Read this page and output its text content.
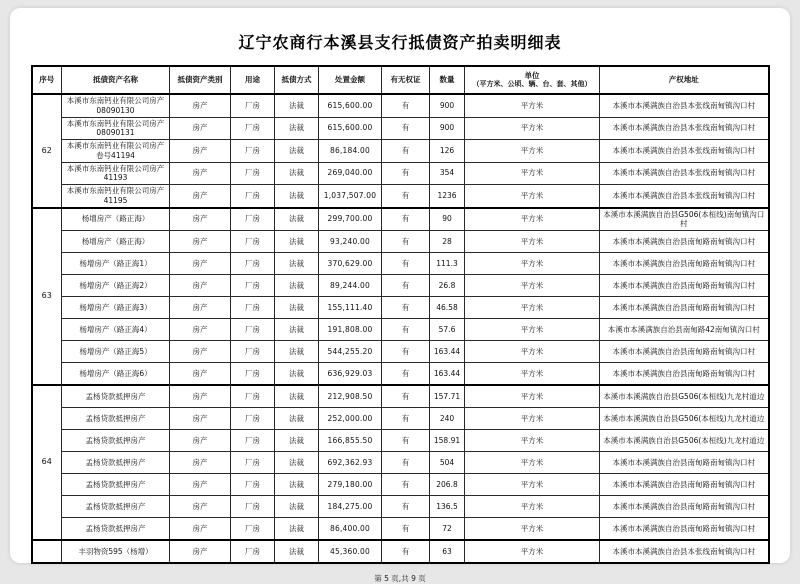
辽宁农商行本溪县支行抵债资产拍卖明细表
序号	抵债资产名称	抵债资产类别	用途	抵债方式	处置金额	有无权证	数量	单位
（平方米、公顷、辆、台、套、其他）	产权地址

62	本溪市东南钙业有限公司房产 08090130	房产	厂房	法裁	615,600.00	有	900	平方米	本溪市本溪满族自治县本张线南甸镇沟口村
	本溪市东南钙业有限公司房产 08090131	房产	厂房	法裁	615,600.00	有	900	平方米	本溪市本溪满族自治县本张线南甸镇沟口村
	本溪市东南钙业有限公司房产 卷号41194	房产	厂房	法裁	86,184.00	有	126	平方米	本溪市本溪满族自治县本张线南甸镇沟口村
	本溪市东南钙业有限公司房产 41193	房产	厂房	法裁	269,040.00	有	354	平方米	本溪市本溪满族自治县本张线南甸镇沟口村
	本溪市东南钙业有限公司房产 41195	房产	厂房	法裁	1,037,507.00	有	1236	平方米	本溪市本溪满族自治县本张线南甸镇沟口村
63	杨增房产（路正海）	房产	厂房	法裁	299,700.00	有	90	平方米	本溪市本溪满族自治县G506(本桓线)南甸镇沟口村
	杨增房产（路正海）	房产	厂房	法裁	93,240.00	有	28	平方米	本溪市本溪满族自治县南甸路南甸镇沟口村
	杨增房产（路正海1）	房产	厂房	法裁	370,629.00	有	111.3	平方米	本溪市本溪满族自治县南甸路南甸镇沟口村
	杨增房产（路正海2）	房产	厂房	法裁	89,244.00	有	26.8	平方米	本溪市本溪满族自治县南甸路南甸镇沟口村
	杨增房产（路正海3）	房产	厂房	法裁	155,111.40	有	46.58	平方米	本溪市本溪满族自治县南甸路南甸镇沟口村
	杨增房产（路正海4）	房产	厂房	法裁	191,808.00	有	57.6	平方米	本溪市本溪满族自治县南甸路42南甸镇沟口村
	杨增房产（路正海5）	房产	厂房	法裁	544,255.20	有	163.44	平方米	本溪市本溪满族自治县南甸路南甸镇沟口村
	杨增房产（路正海6）	房产	厂房	法裁	636,929.03	有	163.44	平方米	本溪市本溪满族自治县南甸路南甸镇沟口村
64	孟杨贷款抵押房产	房产	厂房	法裁	212,908.50	有	157.71	平方米	本溪市本溪满族自治县G506(本桓线)九龙村道边
	孟杨贷款抵押房产	房产	厂房	法裁	252,000.00	有	240	平方米	本溪市本溪满族自治县G506(本桓线)九龙村道边
	孟杨贷款抵押房产	房产	厂房	法裁	166,855.50	有	158.91	平方米	本溪市本溪满族自治县G506(本桓线)九龙村道边
	孟杨贷款抵押房产	房产	厂房	法裁	692,362.93	有	504	平方米	本溪市本溪满族自治县南甸路南甸镇沟口村
	孟杨贷款抵押房产	房产	厂房	法裁	279,180.00	有	206.8	平方米	本溪市本溪满族自治县南甸路南甸镇沟口村
	孟杨贷款抵押房产	房产	厂房	法裁	184,275.00	有	136.5	平方米	本溪市本溪满族自治县南甸路南甸镇沟口村
	孟杨贷款抵押房产	房产	厂房	法裁	86,400.00	有	72	平方米	本溪市本溪满族自治县南甸路南甸镇沟口村
	丰羽物资595（杨增）	房产	厂房	法裁	45,360.00	有	63	平方米	本溪市本溪满族自治县本张线南甸镇沟口村
第 5 页,共 9 页
